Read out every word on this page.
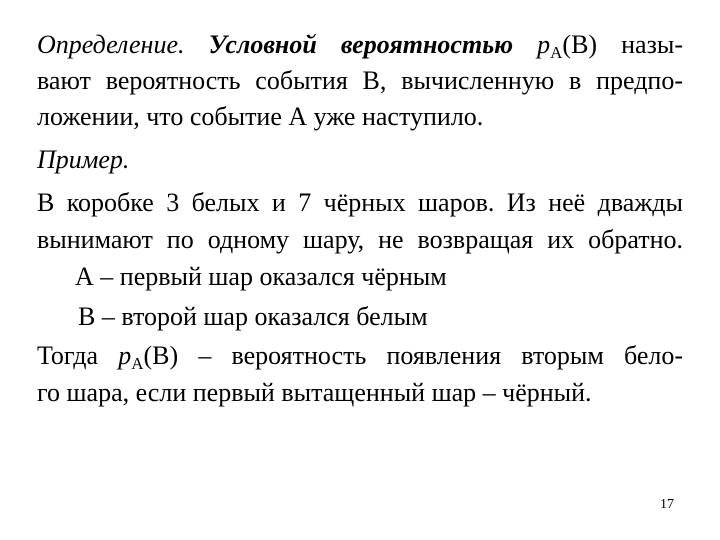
Определение. Условной вероятностью $p_A(B)$ назы-
вают вероятность события В, вычисленную в предпо-
ложении, что событие А уже наступило.
Пример.
В коробке 3 белых и 7 чёрных шаров. Из неё дважды
вынимают по одному шару, не возвращая их обратно.
А – первый шар оказался чёрным
В – второй шар оказался белым
Тогда $p_A(B)$ – вероятность появления вторым бело-
го шара, если первый вытащенный шар – чёрный.
17
